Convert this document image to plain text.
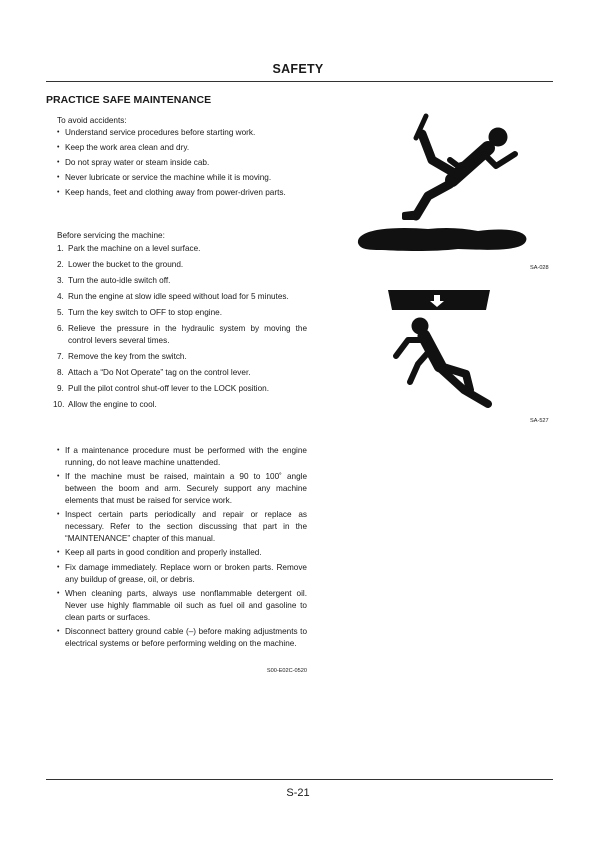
SAFETY
PRACTICE SAFE MAINTENANCE
To avoid accidents:
• Understand service procedures before starting work.
• Keep the work area clean and dry.
• Do not spray water or steam inside cab.
• Never lubricate or service the machine while it is moving.
• Keep hands, feet and clothing away from power-driven parts.
Before servicing the machine:
1. Park the machine on a level surface.
2. Lower the bucket to the ground.
3. Turn the auto-idle switch off.
4. Run the engine at slow idle speed without load for 5 minutes.
5. Turn the key switch to OFF to stop engine.
6. Relieve the pressure in the hydraulic system by moving the control levers several times.
7. Remove the key from the switch.
8. Attach a “Do Not Operate” tag on the control lever.
9. Pull the pilot control shut-off lever to the LOCK position.
10. Allow the engine to cool.
• If a maintenance procedure must be performed with the engine running, do not leave machine unattended.
• If the machine must be raised, maintain a 90 to 100˚ angle between the boom and arm. Securely support any machine elements that must be raised for service work.
• Inspect certain parts periodically and repair or replace as necessary. Refer to the section discussing that part in the “MAINTENANCE” chapter of this manual.
• Keep all parts in good condition and properly installed.
• Fix damage immediately. Replace worn or broken parts. Remove any buildup of grease, oil, or debris.
• When cleaning parts, always use nonflammable detergent oil. Never use highly flammable oil such as fuel oil and gasoline to clean parts or surfaces.
• Disconnect battery ground cable (–) before making adjustments to electrical systems or before performing welding on the machine.
S00-E02C-0520
SA-028
SA-527
S-21
